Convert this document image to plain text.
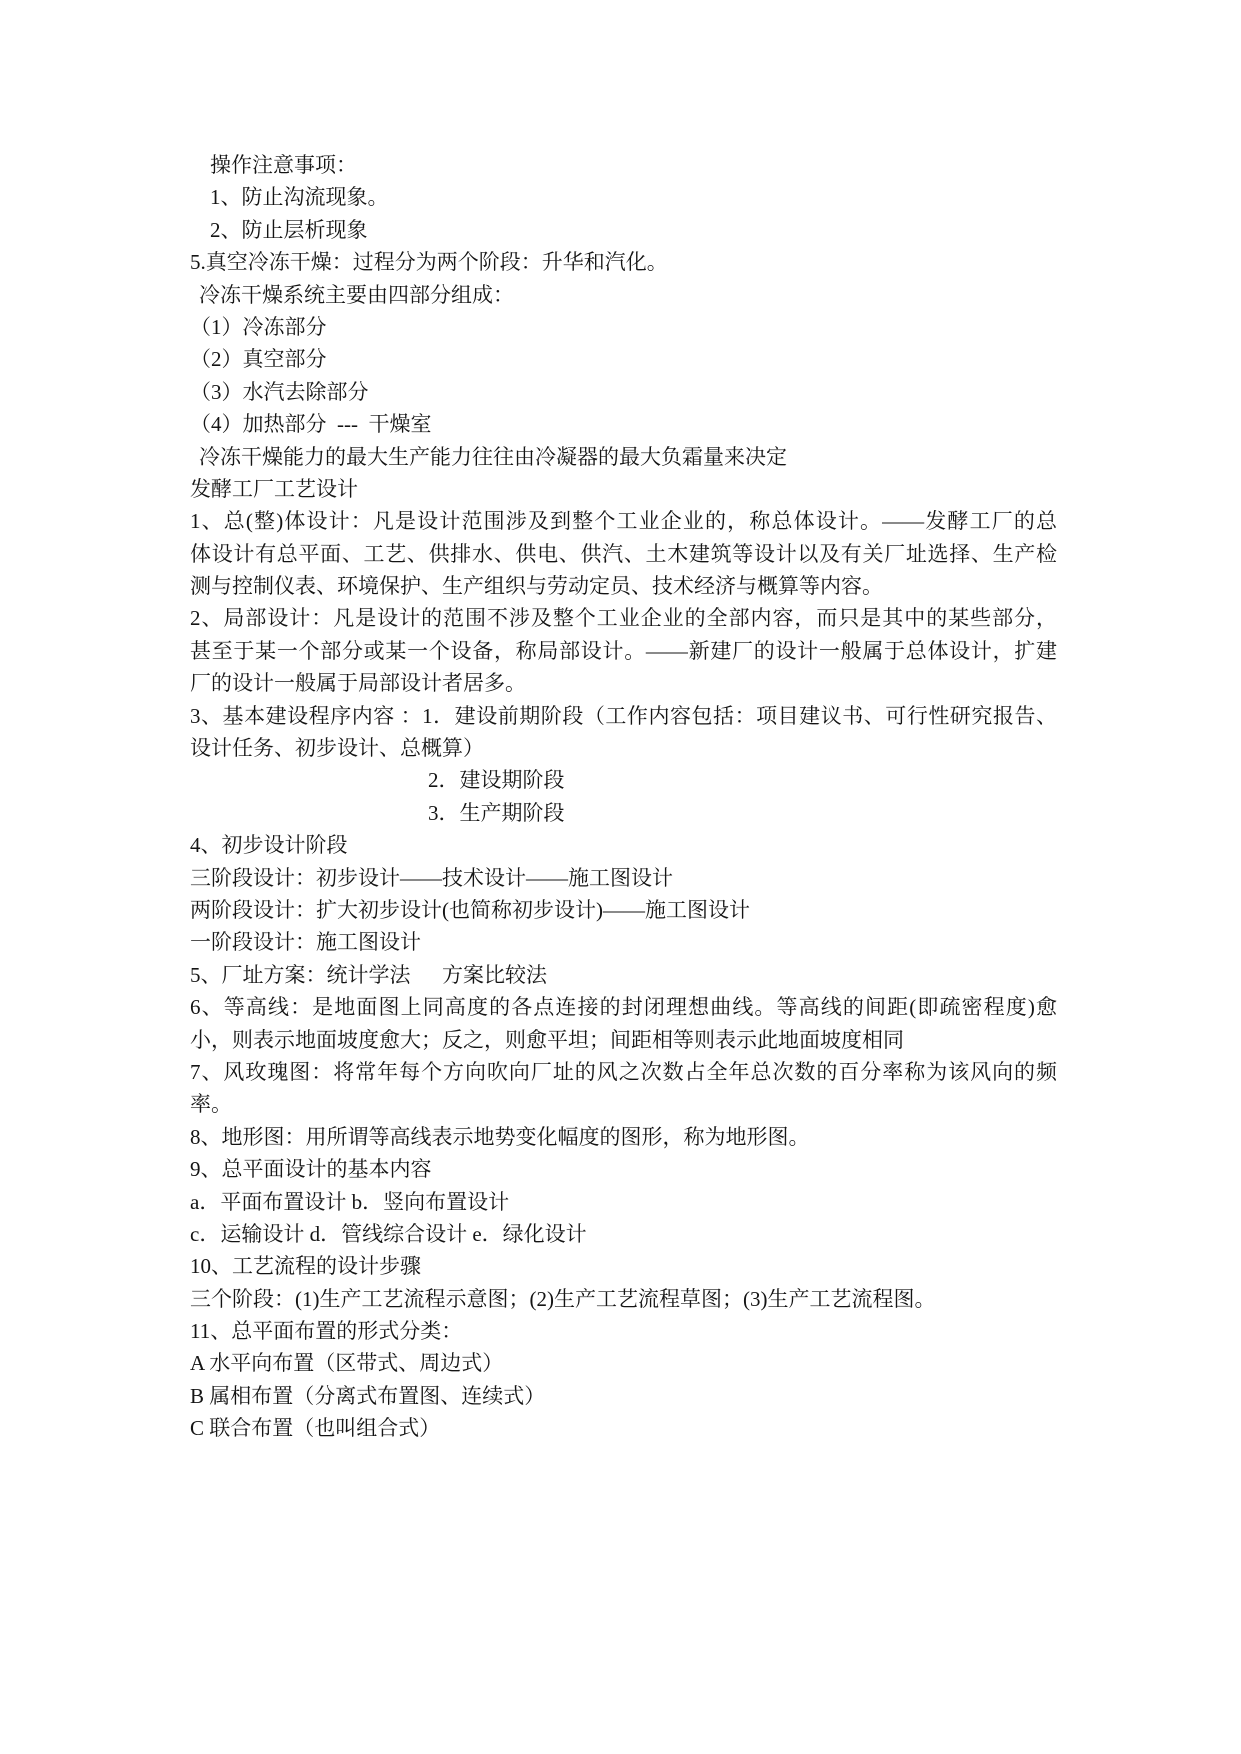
操作注意事项：
1、防止沟流现象。
2、防止层析现象
5.真空冷冻干燥：过程分为两个阶段：升华和汽化。
冷冻干燥系统主要由四部分组成：
（1）冷冻部分
（2）真空部分
（3）水汽去除部分
（4）加热部分  ---  干燥室
冷冻干燥能力的最大生产能力往往由冷凝器的最大负霜量来决定
发酵工厂工艺设计
1、总(整)体设计：凡是设计范围涉及到整个工业企业的，称总体设计。——发酵工厂的总
体设计有总平面、工艺、供排水、供电、供汽、土木建筑等设计以及有关厂址选择、生产检
测与控制仪表、环境保护、生产组织与劳动定员、技术经济与概算等内容。
2、局部设计：凡是设计的范围不涉及整个工业企业的全部内容，而只是其中的某些部分，
甚至于某一个部分或某一个设备，称局部设计。——新建厂的设计一般属于总体设计，扩建
厂的设计一般属于局部设计者居多。
3、基本建设程序内容 ：1．建设前期阶段（工作内容包括：项目建议书、可行性研究报告、
设计任务、初步设计、总概算）
2．建设期阶段
3．生产期阶段
4、初步设计阶段
三阶段设计：初步设计——技术设计——施工图设计
两阶段设计：扩大初步设计(也简称初步设计)——施工图设计
一阶段设计：施工图设计
5、厂址方案：统计学法      方案比较法
6、等高线：是地面图上同高度的各点连接的封闭理想曲线。等高线的间距(即疏密程度)愈
小，则表示地面坡度愈大；反之，则愈平坦；间距相等则表示此地面坡度相同
7、风玫瑰图：将常年每个方向吹向厂址的风之次数占全年总次数的百分率称为该风向的频
率。
8、地形图：用所谓等高线表示地势变化幅度的图形，称为地形图。
9、总平面设计的基本内容
a．平面布置设计 b．竖向布置设计
c．运输设计 d．管线综合设计 e．绿化设计
10、工艺流程的设计步骤
三个阶段：(1)生产工艺流程示意图；(2)生产工艺流程草图；(3)生产工艺流程图。
11、总平面布置的形式分类：
A 水平向布置（区带式、周边式）
B 属相布置（分离式布置图、连续式）
C 联合布置（也叫组合式）
